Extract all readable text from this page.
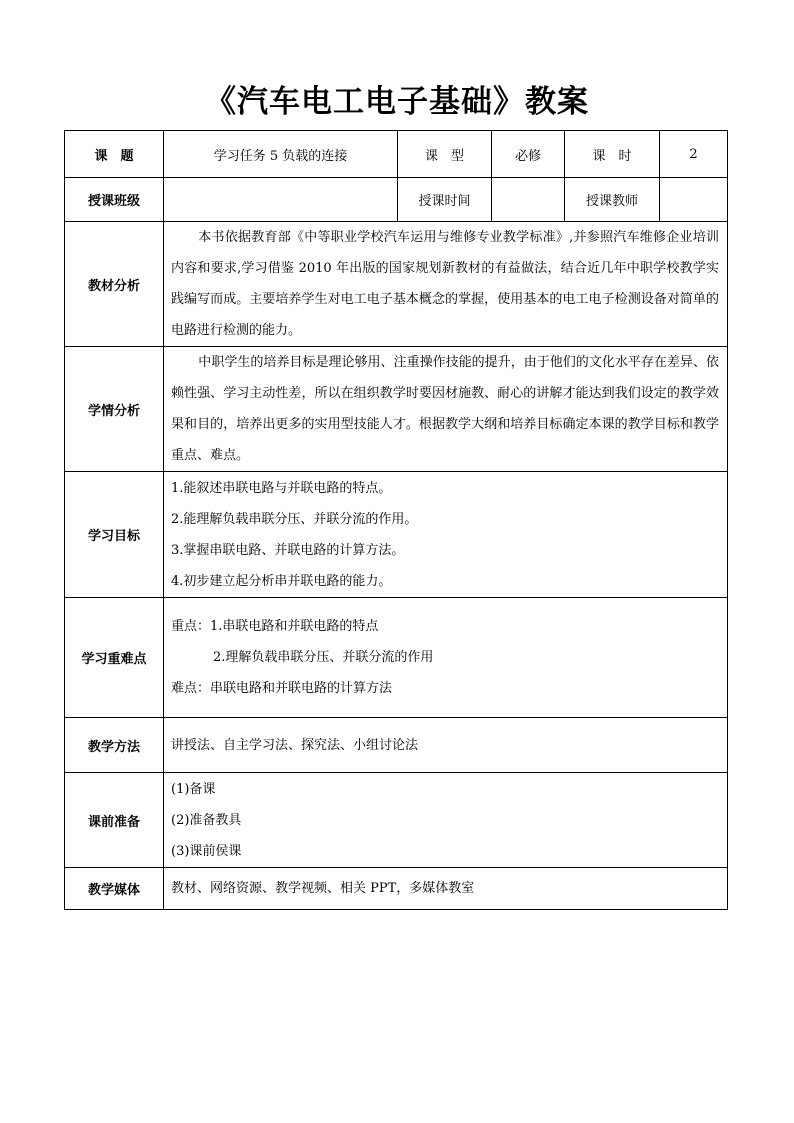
《汽车电工电子基础》教案
课　题	学习任务 5 负载的连接	课　型	必修	课　时	2
授课班级		授课时间		授课教师	
教材分析	本书依据教育部《中等职业学校汽车运用与维修专业教学标准》,并参照汽车维修企业培训内容和要求,学习借鉴 2010 年出版的国家规划新教材的有益做法，结合近几年中职学校教学实践编写而成。主要培养学生对电工电子基本概念的掌握，使用基本的电工电子检测设备对简单的电路进行检测的能力。				

学情分析	中职学生的培养目标是理论够用、注重操作技能的提升，由于他们的文化水平存在差异、依赖性强、学习主动性差，所以在组织教学时要因材施教、耐心的讲解才能达到我们设定的教学效果和目的，培养出更多的实用型技能人才。根据教学大纲和培养目标确定本课的教学目标和教学重点、难点。				

学习目标	1.能叙述串联电路与并联电路的特点。
2.能理解负载串联分压、并联分流的作用。
3.掌握串联电路、并联电路的计算方法。
4.初步建立起分析串并联电路的能力。				

学习重难点	重点：1.串联电路和并联电路的特点
2.理解负载串联分压、并联分流的作用
难点：串联电路和并联电路的计算方法				

教学方法	讲授法、自主学习法、探究法、小组讨论法				

课前准备	(1)备课
(2)准备教具
(3)课前侯课				

教学媒体	教材、网络资源、教学视频、相关 PPT，多媒体教室				
